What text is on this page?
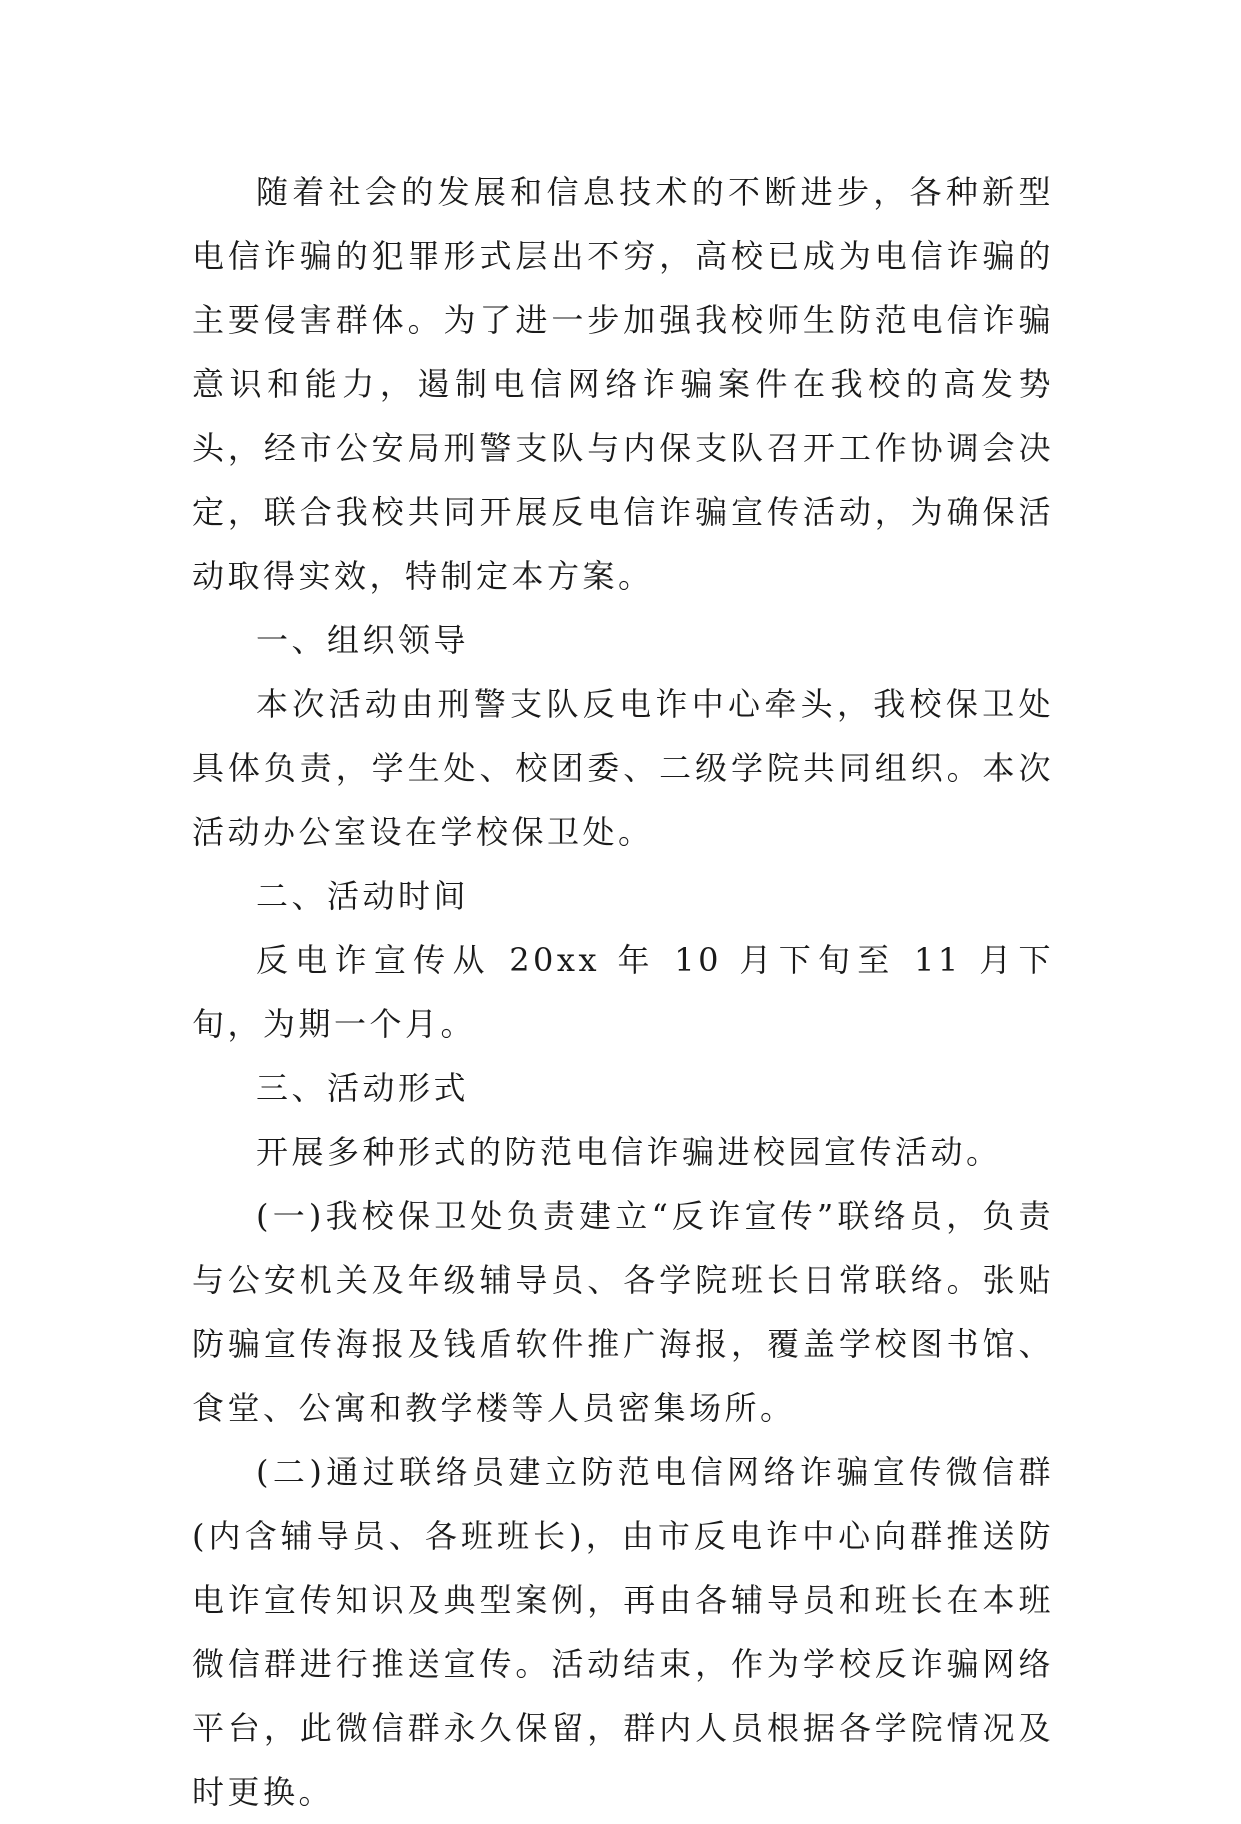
随着社会的发展和信息技术的不断进步，各种新型电信诈骗的犯罪形式层出不穷，高校已成为电信诈骗的主要侵害群体。为了进一步加强我校师生防范电信诈骗意识和能力，遏制电信网络诈骗案件在我校的高发势头，经市公安局刑警支队与内保支队召开工作协调会决定，联合我校共同开展反电信诈骗宣传活动，为确保活动取得实效，特制定本方案。

一、组织领导

本次活动由刑警支队反电诈中心牵头，我校保卫处具体负责，学生处、校团委、二级学院共同组织。本次活动办公室设在学校保卫处。

二、活动时间

反电诈宣传从 20xx 年 10 月下旬至 11 月下旬，为期一个月。

三、活动形式

开展多种形式的防范电信诈骗进校园宣传活动。

(一)我校保卫处负责建立“反诈宣传”联络员，负责与公安机关及年级辅导员、各学院班长日常联络。张贴防骗宣传海报及钱盾软件推广海报，覆盖学校图书馆、食堂、公寓和教学楼等人员密集场所。

(二)通过联络员建立防范电信网络诈骗宣传微信群(内含辅导员、各班班长)，由市反电诈中心向群推送防电诈宣传知识及典型案例，再由各辅导员和班长在本班微信群进行推送宣传。活动结束，作为学校反诈骗网络平台，此微信群永久保留，群内人员根据各学院情况及时更换。
